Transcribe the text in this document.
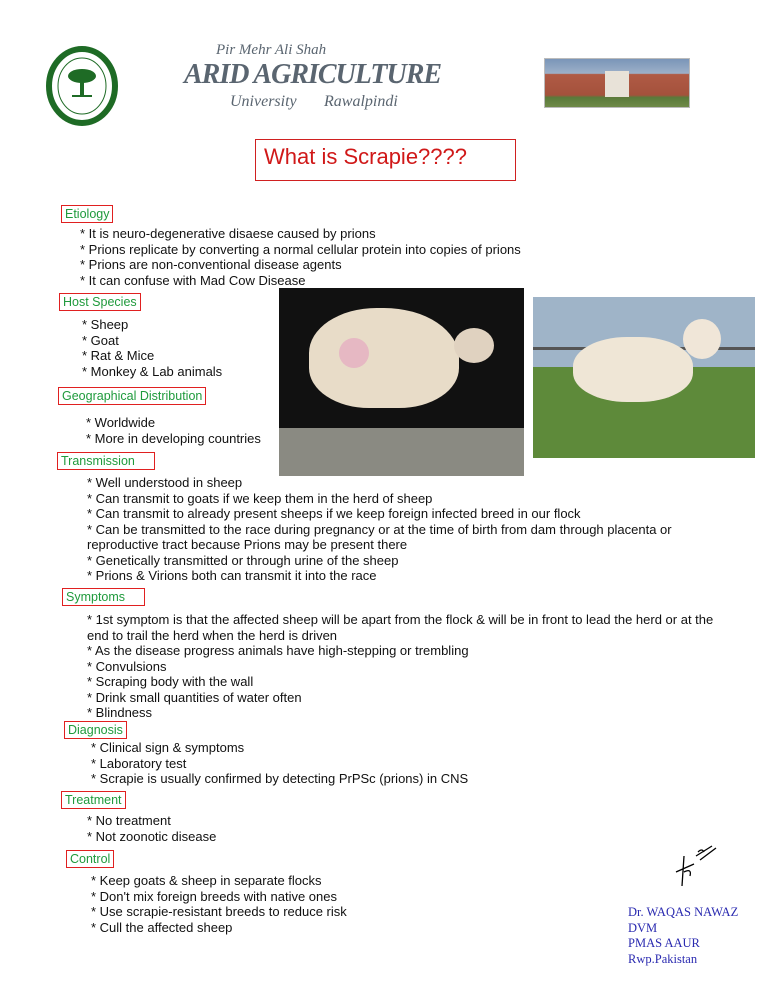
Pir Mehr Ali Shah
ARID AGRICULTURE
University Rawalpindi
What is Scrapie????
Etiology
* It is neuro-degenerative disaese caused by prions
* Prions replicate by converting a normal cellular protein into copies of prions
* Prions are non-conventional disease agents
* It can confuse with Mad Cow Disease
Host Species
* Sheep
* Goat
* Rat & Mice
* Monkey & Lab animals
Geographical Distribution
* Worldwide
* More in developing countries
Transmission
* Well understood in sheep
* Can transmit to goats if we keep them in the herd of sheep
* Can transmit to already present sheeps if we keep foreign infected breed in our flock
* Can be transmitted to the race during pregnancy or at the time of birth from dam through placenta or
reproductive tract because Prions may be present there
* Genetically transmitted or through urine of the sheep
* Prions & Virions both can transmit it into the race
Symptoms
* 1st symptom is that the affected sheep will be apart from the flock & will be in front to lead the herd or at the
end to trail the herd when the herd is driven
* As the disease progress animals have high-stepping or trembling
* Convulsions
* Scraping body with the wall
* Drink small quantities of water often
* Blindness
Diagnosis
* Clinical sign & symptoms
* Laboratory test
* Scrapie is usually confirmed by detecting PrPSc (prions) in CNS
Treatment
* No treatment
* Not zoonotic disease
Control
* Keep goats & sheep in separate flocks
* Don't mix foreign breeds with native ones
* Use scrapie-resistant breeds to reduce risk
* Cull the affected sheep
Dr. WAQAS NAWAZ
DVM
PMAS AAUR
Rwp.Pakistan
